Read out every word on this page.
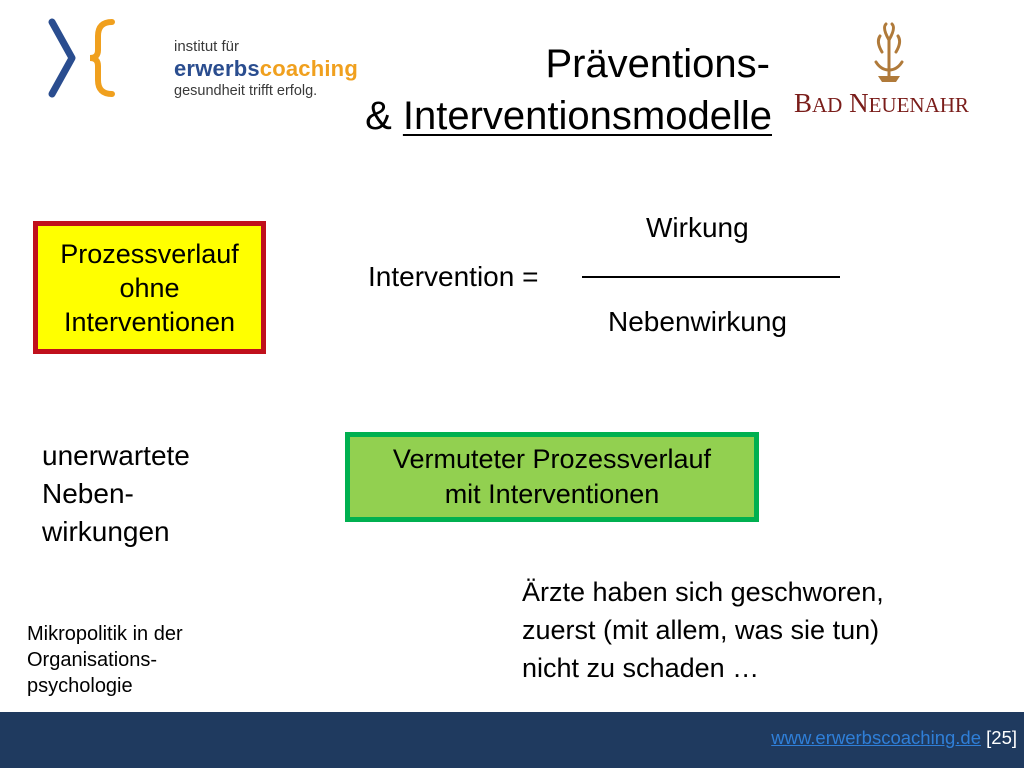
institut für
erwerbscoaching
gesundheit trifft erfolg.
Präventions-
& Interventionsmodelle BAD NEUENAHR
Prozessverlauf
ohne
Interventionen
Wirkung
Intervention =
Nebenwirkung
unerwartete
Neben-
wirkungen
Vermuteter Prozessverlauf
mit Interventionen
Ärzte haben sich geschworen,
zuerst (mit allem, was sie tun)
nicht zu schaden …
Mikropolitik in der
Organisations-
psychologie
www.erwerbscoaching.de [25]
